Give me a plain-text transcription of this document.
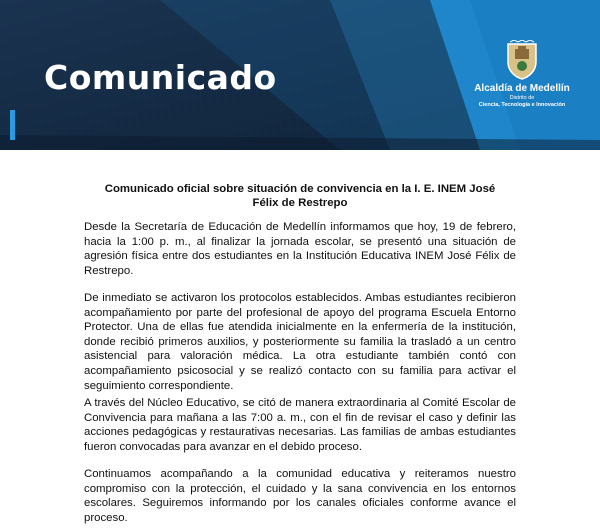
Comunicado	Alcaldía de Medellín
Distrito de
Ciencia, Tecnología e Innovación
Comunicado oficial sobre situación de convivencia en la I. E. INEM José
Félix de Restrepo

Desde la Secretaría de Educación de Medellín informamos que hoy, 19 de febrero, hacia la 1:00 p. m., al finalizar la jornada escolar, se presentó una situación de agresión física entre dos estudiantes en la Institución Educativa INEM José Félix de Restrepo.

De inmediato se activaron los protocolos establecidos. Ambas estudiantes recibieron acompañamiento por parte del profesional de apoyo del programa Escuela Entorno Protector. Una de ellas fue atendida inicialmente en la enfermería de la institución, donde recibió primeros auxilios, y posteriormente su familia la trasladó a un centro asistencial para valoración médica. La otra estudiante también contó con acompañamiento psicosocial y se realizó contacto con su familia para activar el seguimiento correspondiente.

A través del Núcleo Educativo, se citó de manera extraordinaria al Comité Escolar de Convivencia para mañana a las 7:00 a. m., con el fin de revisar el caso y definir las acciones pedagógicas y restaurativas necesarias. Las familias de ambas estudiantes fueron convocadas para avanzar en el debido proceso.

Continuamos acompañando a la comunidad educativa y reiteramos nuestro compromiso con la protección, el cuidado y la sana convivencia en los entornos escolares. Seguiremos informando por los canales oficiales conforme avance el proceso.
